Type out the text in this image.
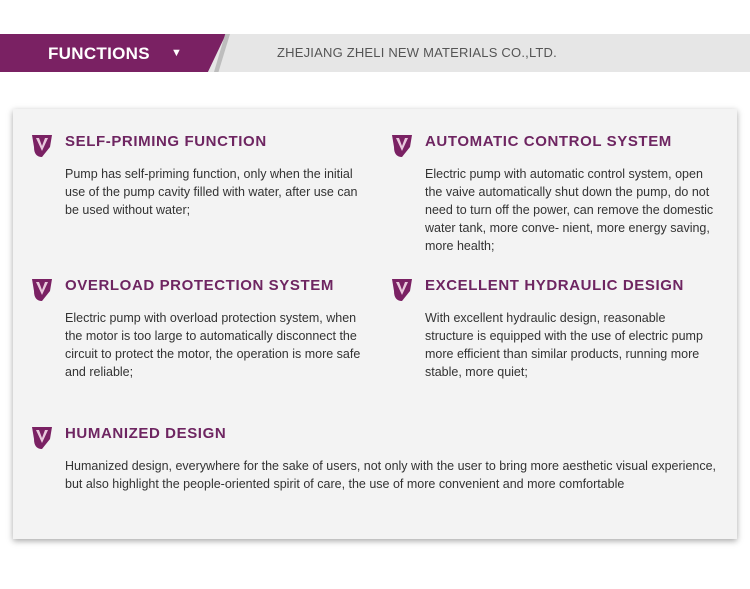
FUNCTIONS ▼	ZHEJIANG ZHELI NEW MATERIALS CO.,LTD.
SELF-PRIMING FUNCTION

Pump has self-priming function, only when the initial use of the pump cavity filled with water, after use can be used without water;

AUTOMATIC CONTROL SYSTEM

Electric pump with automatic control system, open the vaive automatically shut down the pump, do not need to turn off the power, can remove the domestic water tank, more conve- nient, more energy saving, more health;

OVERLOAD PROTECTION SYSTEM

Electric pump with overload protection system, when the motor is too large to automatically disconnect the circuit to protect the motor, the operation is more safe and reliable;

EXCELLENT HYDRAULIC DESIGN

With excellent hydraulic design, reasonable structure is equipped with the use of electric pump more efficient than similar products, running more stable, more quiet;

HUMANIZED DESIGN

Humanized design, everywhere for the sake of users, not only with the user to bring more aesthetic visual experience, but also highlight the people-oriented spirit of care, the use of more convenient and more comfortable
